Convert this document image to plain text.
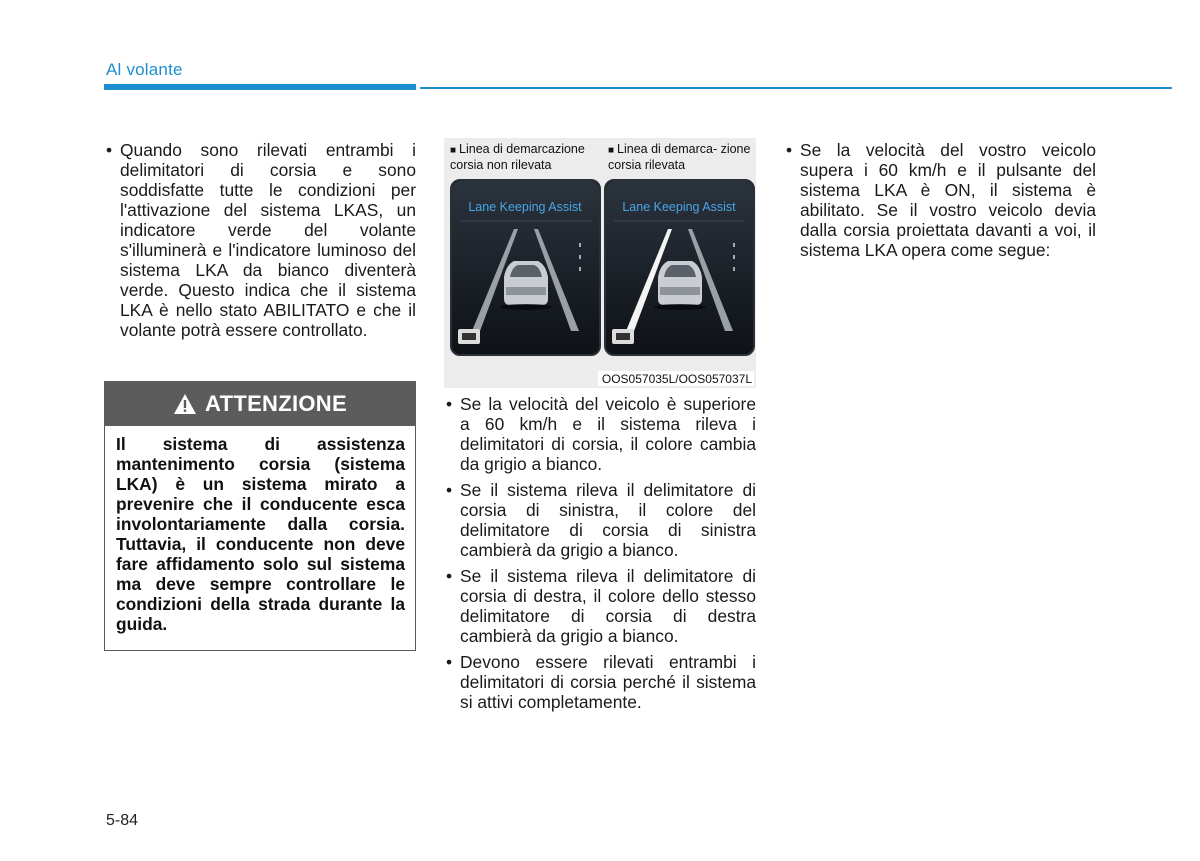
Al volante
• Quando sono rilevati entrambi i delimitatori di corsia e sono soddisfatte tutte le condizioni per l'attivazione del sistema LKAS, un indicatore verde del volante s'illuminerà e l'indicatore luminoso del sistema LKA da bianco diventerà verde. Questo indica che il sistema LKA è nello stato ABILITATO e che il volante potrà essere controllato.
ATTENZIONE
Il sistema di assistenza mantenimento corsia (sistema LKA) è un sistema mirato a prevenire che il conducente esca involontariamente dalla corsia. Tuttavia, il conducente non deve fare affidamento solo sul sistema ma deve sempre controllare le condizioni della strada durante la guida.
■ Linea di demarcazione corsia non rilevata
■ Linea di demarca- zione corsia rilevata
Lane Keeping Assist	Lane Keeping Assist
OOS057035L/OOS057037L
• Se la velocità del veicolo è superiore a 60 km/h e il sistema rileva i delimitatori di corsia, il colore cambia da grigio a bianco.
• Se il sistema rileva il delimitatore di corsia di sinistra, il colore del delimitatore di corsia di sinistra cambierà da grigio a bianco.
• Se il sistema rileva il delimitatore di corsia di destra, il colore dello stesso delimitatore di corsia di destra cambierà da grigio a bianco.
• Devono essere rilevati entrambi i delimitatori di corsia perché il sistema si attivi completamente.
• Se la velocità del vostro veicolo supera i 60 km/h e il pulsante del sistema LKA è ON, il sistema è abilitato. Se il vostro veicolo devia dalla corsia proiettata davanti a voi, il sistema LKA opera come segue:
5-84
